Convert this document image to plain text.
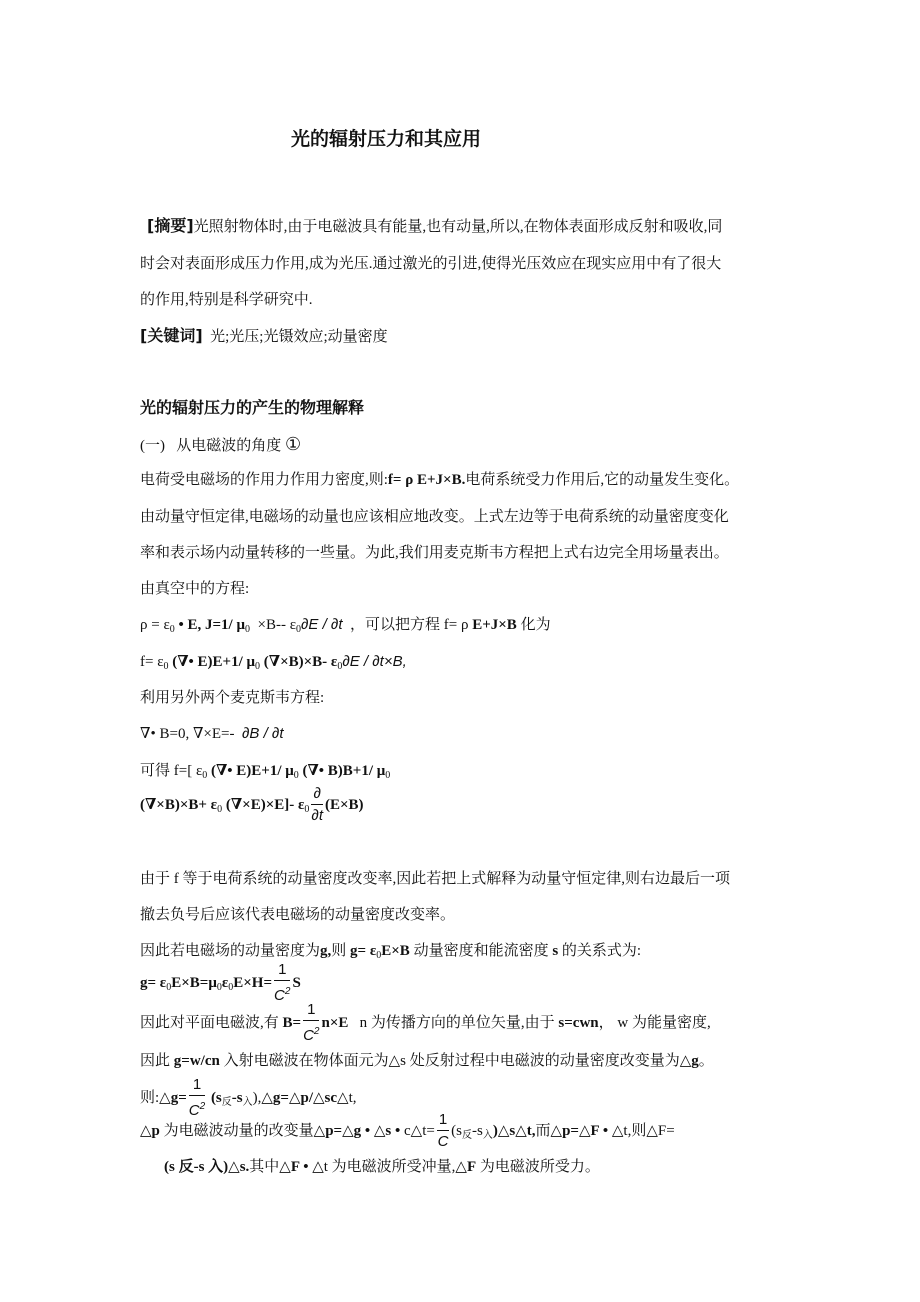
光的辐射压力和其应用
[摘要]光照射物体时,由于电磁波具有能量,也有动量,所以,在物体表面形成反射和吸收,同
时会对表面形成压力作用,成为光压.通过激光的引进,使得光压效应在现实应用中有了很大
的作用,特别是科学研究中.
[关键词] 光;光压;光镊效应;动量密度
光的辐射压力的产生的物理解释
(一) 从电磁波的角度 ①
电荷受电磁场的作用力作用力密度,则:f= ρ E+J×B.电荷系统受力作用后,它的动量发生变化。
由动量守恒定律,电磁场的动量也应该相应地改变。上式左边等于电荷系统的动量密度变化
率和表示场内动量转移的一些量。为此,我们用麦克斯韦方程把上式右边完全用场量表出。
由真空中的方程:
$\rho = \varepsilon_0$ • E, J=1/ $\mu_0 \times B--$ $\varepsilon_0\partial E / \partial t$ ，可以把方程 f= ρ E+J×B 化为
$f= \varepsilon_0$ (∇• E)E+1/ $\mu_0$ (∇×B)×B- $\varepsilon_0\partial E / \partial t\times B$,
利用另外两个麦克斯韦方程:
∇• B=0, ∇×E=- ∂B / ∂t
可得 f=[ $\varepsilon_0$ (∇• E)E+1/ $\mu_0$ (∇• B)B+1/ $\mu_0$
$(\nabla\times B)\times B+ \varepsilon_0$ (∇×E)×E]- $\varepsilon_0 \frac{\partial}{\partial t} (E\times B)$
由于 f 等于电荷系统的动量密度改变率,因此若把上式解释为动量守恒定律,则右边最后一项
撤去负号后应该代表电磁场的动量密度改变率。
因此若电磁场的动量密度为g,则 $g= \varepsilon_0E\times B$ 动量密度和能流密度 s 的关系式为:
$g= \varepsilon_0E\times B=\mu_0\varepsilon_0E\times H= \frac{1}{C^2}$ S
因此对平面电磁波,有 $B= \frac{1}{C^2} n\times E$ n 为传播方向的单位矢量,由于 s=cwn， w 为能量密度,
因此 g=w/cn 入射电磁波在物体面元为△s 处反射过程中电磁波的动量密度改变量为△g。
则:△g= $\frac{1}{C^2}$ $(s_反-s_入),\triangle g=\triangle p/\triangle sc\triangle t$,
△p 为电磁波动量的改变量△p=△g • △s • c△t= $\frac{1}{C}$ $(s_反-s_入)\triangle s\triangle t$,而△p=△F • △t,则△F=
(s 反-s 入)△s.其中△F • △t 为电磁波所受冲量,△F 为电磁波所受力。
